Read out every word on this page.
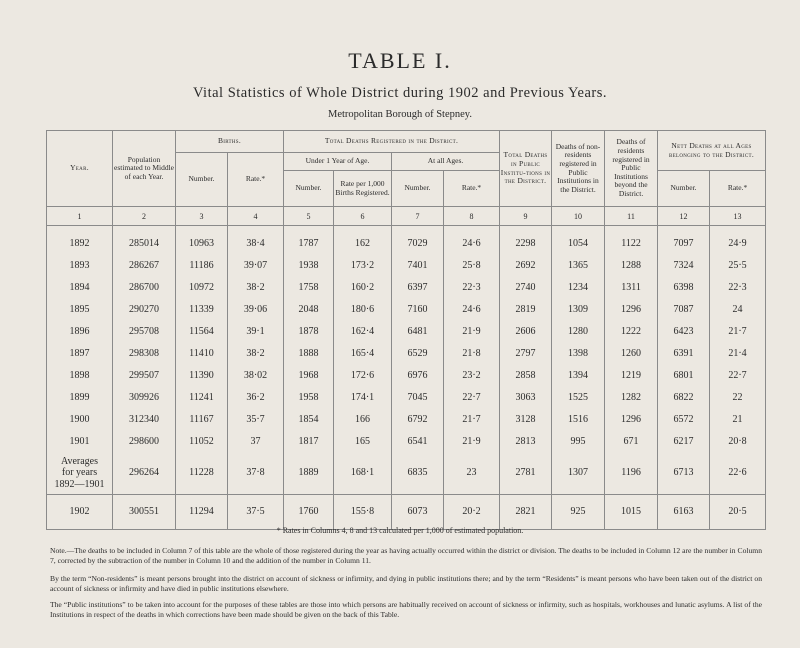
TABLE I.
Vital Statistics of Whole District during 1902 and Previous Years.
Metropolitan Borough of Stepney.
Year.	Population estimated to Middle of each Year.	Births.		Total Deaths Registered in the District.				Total Deaths in Public Institu-tions in the District.	Deaths of non-residents registered in Public Institutions in the District.	Deaths of residents registered in Public Institutions beyond the District.	Nett Deaths at all Ages belonging to the District.	
		Number.	Rate.*	Under 1 Year of Age.		At all Ages.						
				Number.	Rate per 1,000 Births Registered.	Number.	Rate.*				Number.	Rate.*
1	2	3	4	5	6	7	8	9	10	11	12	13
1892	285014	10963	38·4	1787	162	7029	24·6	2298	1054	1122	7097	24·9
1893	286267	11186	39·07	1938	173·2	7401	25·8	2692	1365	1288	7324	25·5
1894	286700	10972	38·2	1758	160·2	6397	22·3	2740	1234	1311	6398	22·3
1895	290270	11339	39·06	2048	180·6	7160	24·6	2819	1309	1296	7087	24
1896	295708	11564	39·1	1878	162·4	6481	21·9	2606	1280	1222	6423	21·7
1897	298308	11410	38·2	1888	165·4	6529	21·8	2797	1398	1260	6391	21·4
1898	299507	11390	38·02	1968	172·6	6976	23·2	2858	1394	1219	6801	22·7
1899	309926	11241	36·2	1958	174·1	7045	22·7	3063	1525	1282	6822	22
1900	312340	11167	35·7	1854	166	6792	21·7	3128	1516	1296	6572	21
1901	298600	11052	37	1817	165	6541	21·9	2813	995	671	6217	20·8

Averages
for years
1892—1901	296264	11228	37·8	1889	168·1	6835	23	2781	1307	1196	6713	22·6
1902	300551	11294	37·5	1760	155·8	6073	20·2	2821	925	1015	6163	20·5
* Rates in Columns 4, 8 and 13 calculated per 1,000 of estimated population.
Note.—The deaths to be included in Column 7 of this table are the whole of those registered during the year as having actually occurred within the district or division. The deaths to be included in Column 12 are the number in Column 7, corrected by the subtraction of the number in Column 10 and the addition of the number in Column 11.
By the term “Non-residents” is meant persons brought into the district on account of sickness or infirmity, and dying in public institutions there; and by the term “Residents” is meant persons who have been taken out of the district on account of sickness or infirmity and have died in public institutions elsewhere.
The “Public institutions” to be taken into account for the purposes of these tables are those into which persons are habitually received on account of sickness or infirmity, such as hospitals, workhouses and lunatic asylums. A list of the Institutions in respect of the deaths in which corrections have been made should be given on the back of this Table.
